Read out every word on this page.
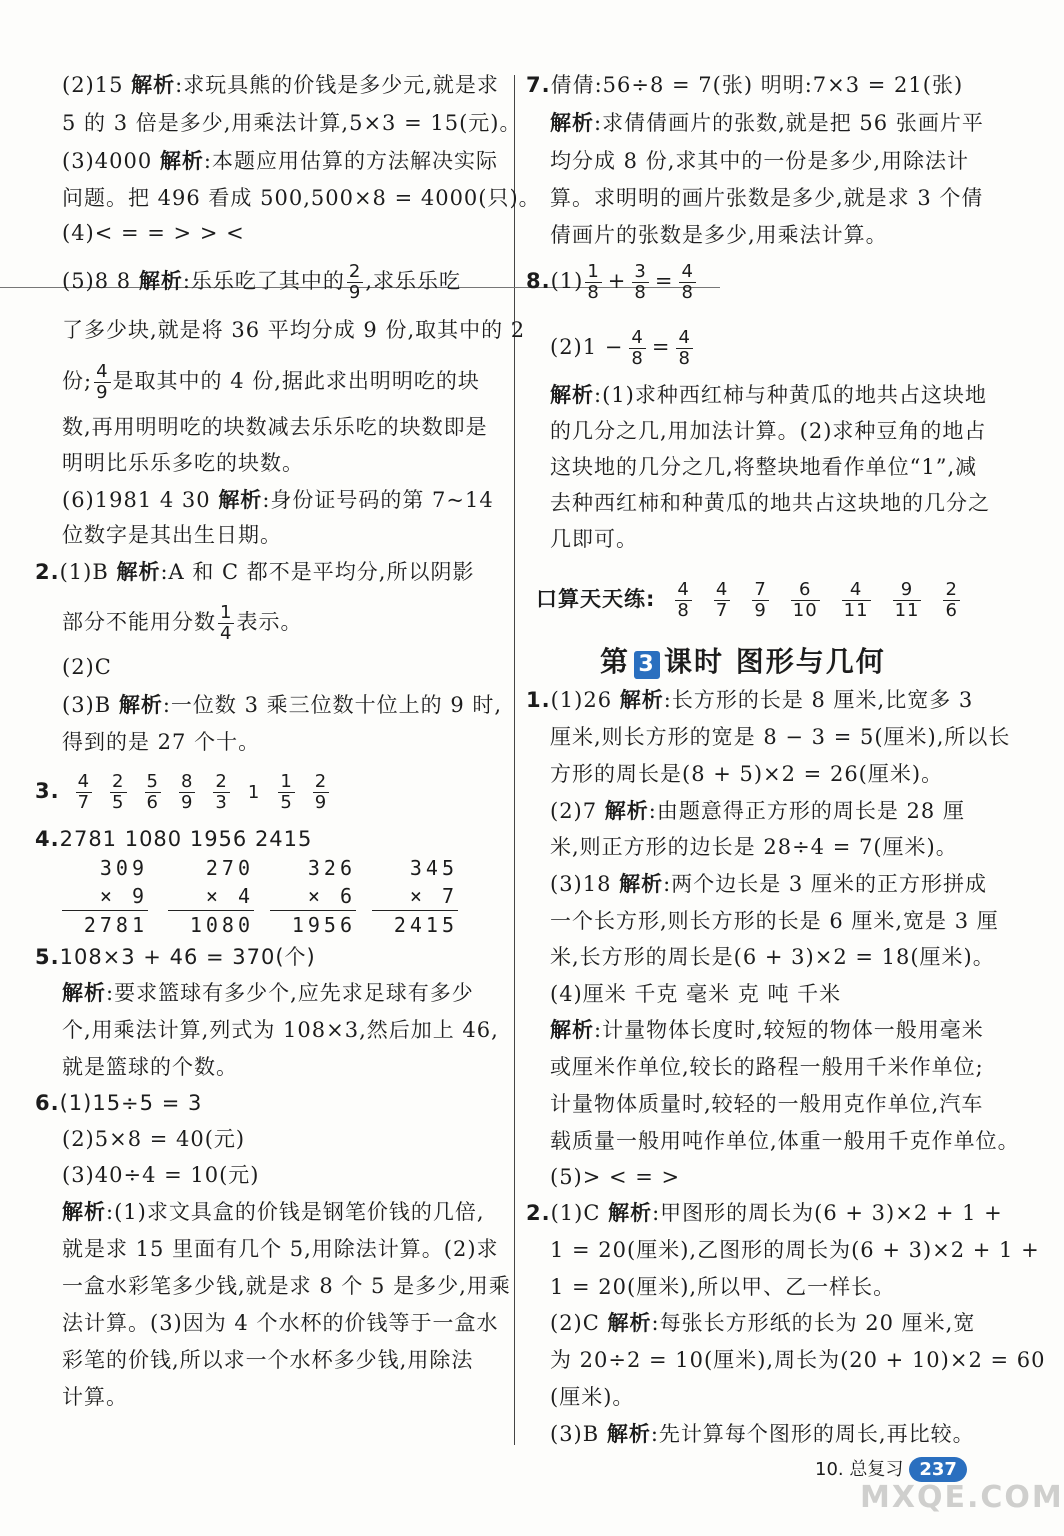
(2)15 解析:求玩具熊的价钱是多少元,就是求
5 的 3 倍是多少,用乘法计算,5×3 = 15(元)。
(3)4000 解析:本题应用估算的方法解决实际
问题。把 496 看成 500,500×8 = 4000(只)。
(4)< = = > > <
(5)8 8 解析:乐乐吃了其中的 $\frac{2}{9}$ ,求乐乐吃
了多少块,就是将 36 平均分成 9 份,取其中的 2
份; $\frac{4}{9}$ 是取其中的 4 份,据此求出明明吃的块
数,再用明明吃的块数减去乐乐吃的块数即是
明明比乐乐多吃的块数。
(6)1981 4 30 解析:身份证号码的第 7~14
位数字是其出生日期。
2.(1)B 解析:A 和 C 都不是平均分,所以阴影
部分不能用分数 $\frac{1}{4}$ 表示。
(2)C
(3)B 解析:一位数 3 乘三位数十位上的 9 时,
得到的是 27 个十。
3. $\frac{4}{7} \frac{2}{5} \frac{5}{6} \frac{8}{9} \frac{2}{3} 1 \frac{1}{5} \frac{2}{9}$
4.2781 1080 1956 2415
309
× 9
2781
270
× 4
1080
326
× 6
1956
345
× 7
2415
5.108×3 + 46 = 370(个)
解析:要求篮球有多少个,应先求足球有多少
个,用乘法计算,列式为 108×3,然后加上 46,
就是篮球的个数。
6.(1)15÷5 = 3
(2)5×8 = 40(元)
(3)40÷4 = 10(元)
解析:(1)求文具盒的价钱是钢笔价钱的几倍,
就是求 15 里面有几个 5,用除法计算。(2)求
一盒水彩笔多少钱,就是求 8 个 5 是多少,用乘
法计算。(3)因为 4 个水杯的价钱等于一盒水
彩笔的价钱,所以求一个水杯多少钱,用除法
计算。
7.倩倩:56÷8 = 7(张) 明明:7×3 = 21(张)
解析:求倩倩画片的张数,就是把 56 张画片平
均分成 8 份,求其中的一份是多少,用除法计
算。求明明的画片张数是多少,就是求 3 个倩
倩画片的张数是多少,用乘法计算。
$8.(1) \frac{1}{8} + \frac{3}{8} = \frac{4}{8}$
$(2)1 - \frac{4}{8} = \frac{4}{8}$
解析:(1)求种西红柿与种黄瓜的地共占这块地
的几分之几,用加法计算。(2)求种豆角的地占
这块地的几分之几,将整块地看作单位“1”,减
去种西红柿和种黄瓜的地共占这块地的几分之
几即可。
口算天天练: $\frac{4}{8} \frac{4}{7} \frac{7}{9} \frac{6}{10} \frac{4}{11} \frac{9}{11} \frac{2}{6}$
1.(1)26 解析:长方形的长是 8 厘米,比宽多 3
厘米,则长方形的宽是 8 − 3 = 5(厘米),所以长
方形的周长是(8 + 5)×2 = 26(厘米)。
(2)7 解析:由题意得正方形的周长是 28 厘
米,则正方形的边长是 28÷4 = 7(厘米)。
(3)18 解析:两个边长是 3 厘米的正方形拼成
一个长方形,则长方形的长是 6 厘米,宽是 3 厘
米,长方形的周长是(6 + 3)×2 = 18(厘米)。
(4)厘米 千克 毫米 克 吨 千米
解析:计量物体长度时,较短的物体一般用毫米
或厘米作单位,较长的路程一般用千米作单位;
计量物体质量时,较轻的一般用克作单位,汽车
载质量一般用吨作单位,体重一般用千克作单位。
(5)> < = >
2.(1)C 解析:甲图形的周长为(6 + 3)×2 + 1 +
1 = 20(厘米),乙图形的周长为(6 + 3)×2 + 1 +
1 = 20(厘米),所以甲、乙一样长。
(2)C 解析:每张长方形纸的长为 20 厘米,宽
为 20÷2 = 10(厘米),周长为(20 + 10)×2 = 60
(厘米)。
(3)B 解析:先计算每个图形的周长,再比较。
第 3 课时 图形与几何
10. 总复习 237
MXQE.COM
